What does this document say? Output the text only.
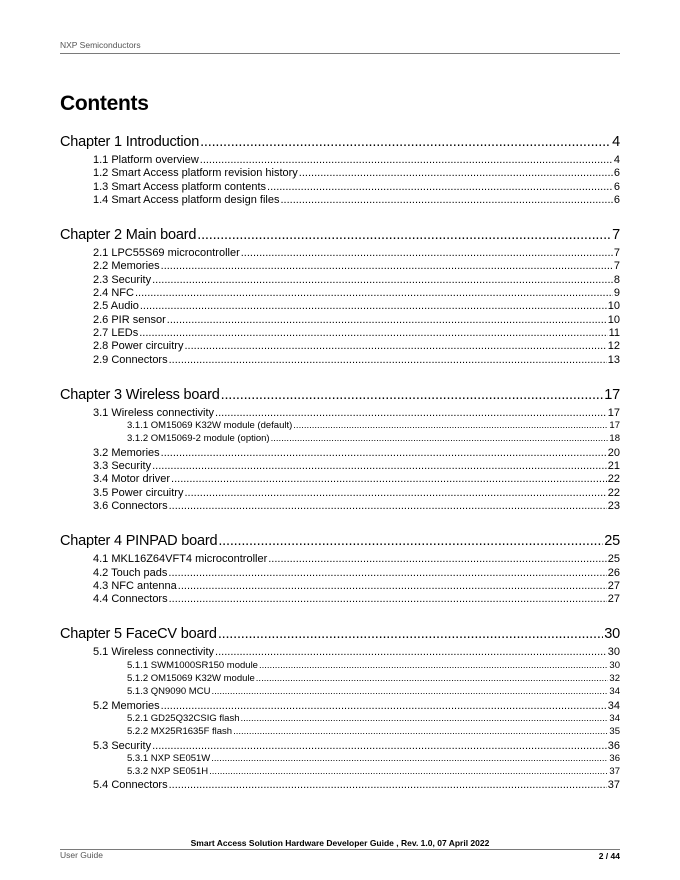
NXP Semiconductors
Contents
Chapter 1 Introduction .....	4
1.1 Platform overview .....	4
1.2 Smart Access platform revision history .....	6
1.3 Smart Access platform contents .....	6
1.4 Smart Access platform design files .....	6
Chapter 2 Main board .....	7
2.1 LPC55S69 microcontroller .....	7
2.2 Memories .....	7
2.3 Security .....	8
2.4 NFC .....	9
2.5 Audio .....	10
2.6 PIR sensor .....	10
2.7 LEDs .....	11
2.8 Power circuitry .....	12
2.9 Connectors .....	13
Chapter 3 Wireless board .....	17
3.1 Wireless connectivity .....	17
3.1.1 OM15069 K32W module (default) .....	17
3.1.2 OM15069-2 module (option) .....	18
3.2 Memories .....	20
3.3 Security .....	21
3.4 Motor driver .....	22
3.5 Power circuitry .....	22
3.6 Connectors .....	23
Chapter 4 PINPAD board .....	25
4.1 MKL16Z64VFT4 microcontroller .....	25
4.2 Touch pads .....	26
4.3 NFC antenna .....	27
4.4 Connectors .....	27
Chapter 5 FaceCV board .....	30
5.1 Wireless connectivity .....	30
5.1.1 SWM1000SR150 module .....	30
5.1.2 OM15069 K32W module .....	32
5.1.3 QN9090 MCU .....	34
5.2 Memories .....	34
5.2.1 GD25Q32CSIG flash .....	34
5.2.2 MX25R1635F flash .....	35
5.3 Security .....	36
5.3.1 NXP SE051W .....	36
5.3.2 NXP SE051H .....	37
5.4 Connectors .....	37
Smart Access Solution Hardware Developer Guide , Rev. 1.0, 07 April 2022
User Guide	2 / 44
